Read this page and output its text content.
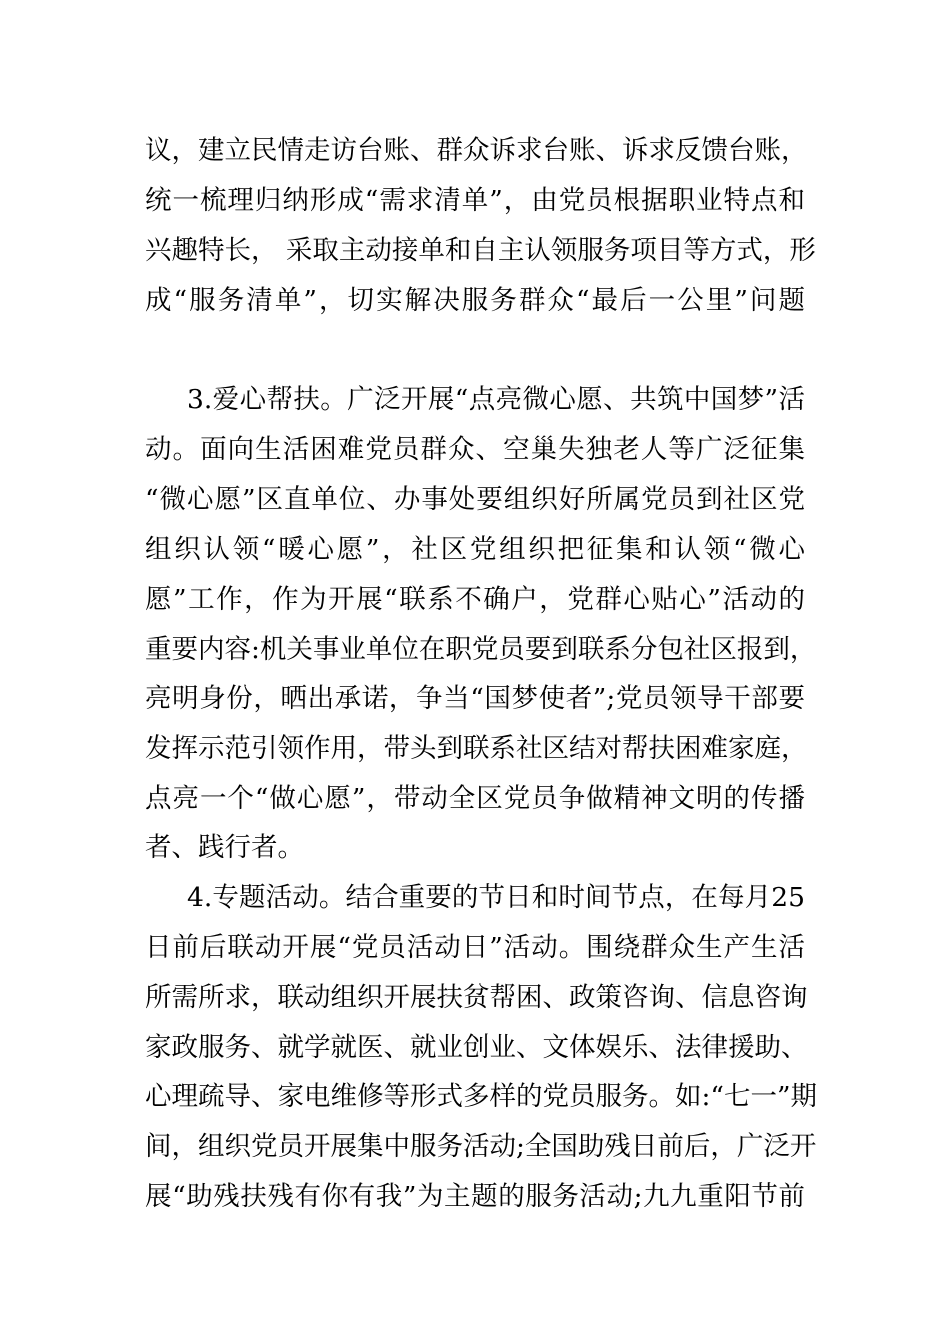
议，建立民情走访台账、群众诉求台账、诉求反馈台账，
统一梳理归纳形成“需求清单”，由党员根据职业特点和
兴趣特长， 采取主动接单和自主认领服务项目等方式，形
成“服务清单”，切实解决服务群众“最后一公里”问题
3.爱心帮扶。广泛开展“点亮微心愿、共筑中国梦”活
动。面向生活困难党员群众、空巢失独老人等广泛征集
“微心愿”区直单位、办事处要组织好所属党员到社区党
组织认领“暖心愿”，社区党组织把征集和认领“微心
愿”工作，作为开展“联系不确户，党群心贴心”活动的
重要内容:机关事业单位在职党员要到联系分包社区报到，
亮明身份，晒出承诺，争当“国梦使者”;党员领导干部要
发挥示范引领作用，带头到联系社区结对帮扶困难家庭，
点亮一个“做心愿”，带动全区党员争做精神文明的传播
者、践行者。
4.专题活动。结合重要的节日和时间节点，在每月25
日前后联动开展“党员活动日”活动。围绕群众生产生活
所需所求，联动组织开展扶贫帮困、政策咨询、信息咨询
家政服务、就学就医、就业创业、文体娱乐、法律援助、
心理疏导、家电维修等形式多样的党员服务。如:“七一”期
间，组织党员开展集中服务活动;全国助残日前后，广泛开
展“助残扶残有你有我”为主题的服务活动;九九重阳节前
